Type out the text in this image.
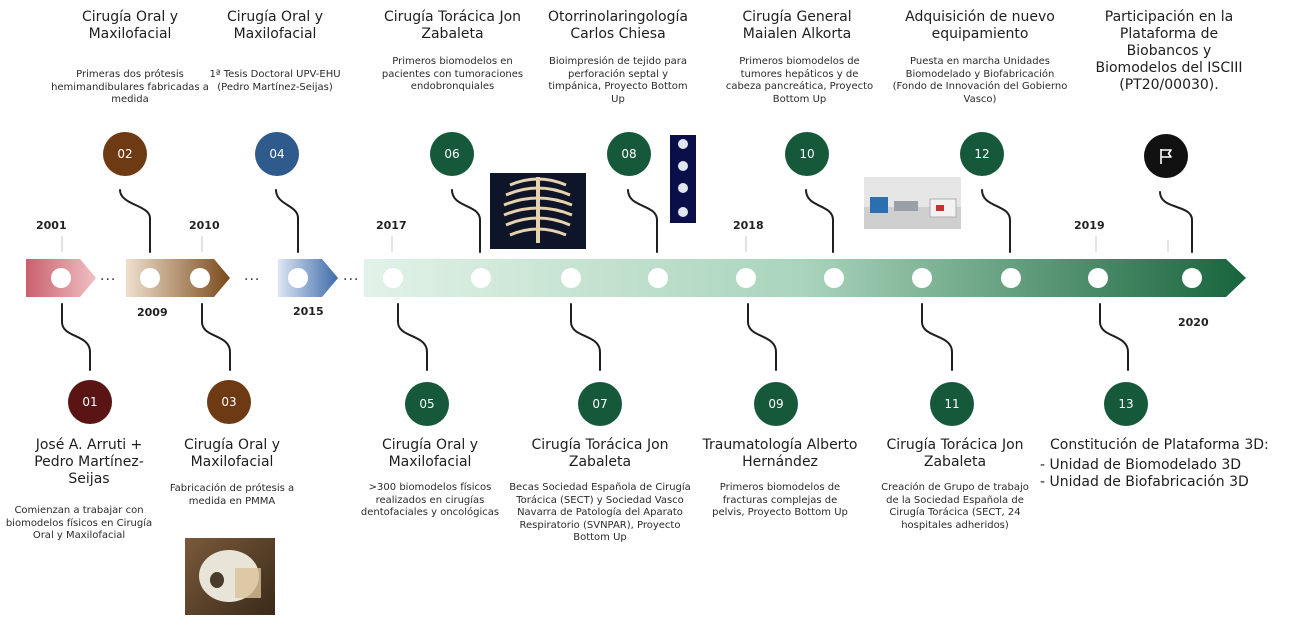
...	...	...
2001
2009
2010
2015
2017	2018	2019
2020
Cirugía Oral y Maxilofacial
Primeras dos prótesis hemimandibulares fabricadas a medida
02
Cirugía Oral y Maxilofacial
1ª Tesis Doctoral UPV-EHU (Pedro Martínez-Seijas)
04
Cirugía Torácica Jon Zabaleta
Primeros biomodelos en pacientes con tumoraciones endobronquiales
06
Otorrinolaringología Carlos Chiesa
Bioimpresión de tejido para perforación septal y timpánica, Proyecto Bottom Up
08
Cirugía General Maialen Alkorta
Primeros biomodelos de tumores hepáticos y de cabeza pancreática, Proyecto Bottom Up
10
Adquisición de nuevo equipamiento
Puesta en marcha Unidades Biomodelado y Biofabricación (Fondo de Innovación del Gobierno Vasco)
12
Participación en la Plataforma de Biobancos y Biomodelos del ISCIII (PT20/00030).
01
José A. Arruti + Pedro Martínez-Seijas
Comienzan a trabajar con biomodelos físicos en Cirugía Oral y Maxilofacial
03
Cirugía Oral y Maxilofacial
Fabricación de prótesis a medida en PMMA
05
Cirugía Oral y Maxilofacial
>300 biomodelos físicos realizados en cirugías dentofaciales y oncológicas
07
Cirugía Torácica Jon Zabaleta
Becas Sociedad Española de Cirugía Torácica (SECT) y Sociedad Vasco Navarra de Patología del Aparato Respiratorio (SVNPAR), Proyecto Bottom Up
09
Traumatología Alberto Hernández
Primeros biomodelos de fracturas complejas de pelvis, Proyecto Bottom Up
11
Cirugía Torácica Jon Zabaleta
Creación de Grupo de trabajo de la Sociedad Española de Cirugía Torácica (SECT, 24 hospitales adheridos)
13
Constitución de Plataforma 3D:
- Unidad de Biomodelado 3D
- Unidad de Biofabricación 3D
